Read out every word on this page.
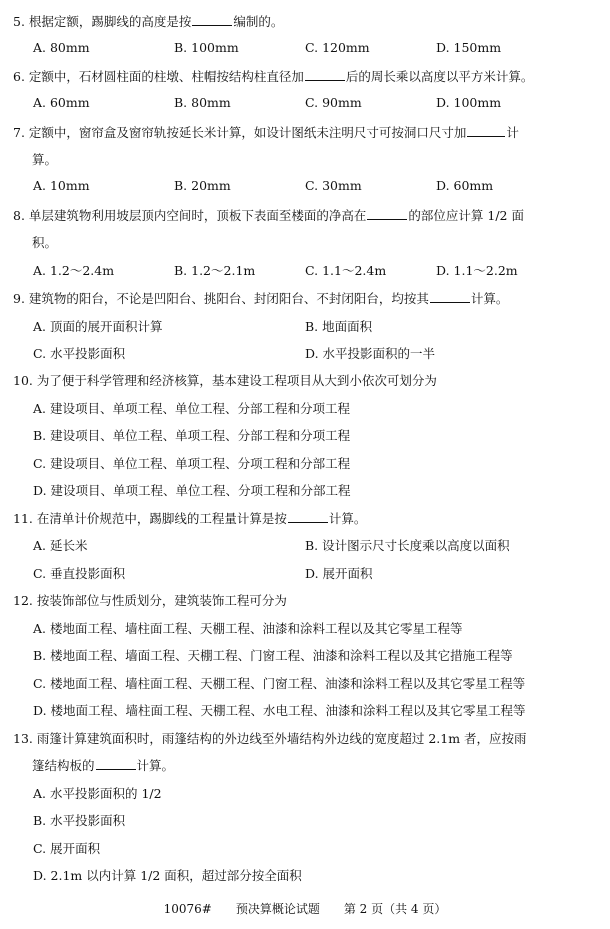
5. 根据定额，踢脚线的高度是按	编制的。
A. 80mm	B. 100mm	C. 120mm	D. 150mm
6. 定额中，石材圆柱面的柱墩、柱帽按结构柱直径加	后的周长乘以高度以平方米计算。
A. 60mm	B. 80mm	C. 90mm	D. 100mm
7. 定额中，窗帘盒及窗帘轨按延长米计算，如设计图纸未注明尺寸可按洞口尺寸加	计
算。
A. 10mm	B. 20mm	C. 30mm	D. 60mm
8. 单层建筑物利用坡层顶内空间时，顶板下表面至楼面的净高在	的部位应计算 1/2 面
积。
A. 1.2～2.4m	B. 1.2～2.1m	C. 1.1～2.4m	D. 1.1～2.2m
9. 建筑物的阳台，不论是凹阳台、挑阳台、封闭阳台、不封闭阳台，均按其	计算。
A. 顶面的展开面积计算	B. 地面面积
C. 水平投影面积	D. 水平投影面积的一半
10. 为了便于科学管理和经济核算，基本建设工程项目从大到小依次可划分为
A. 建设项目、单项工程、单位工程、分部工程和分项工程
B. 建设项目、单位工程、单项工程、分部工程和分项工程
C. 建设项目、单位工程、单项工程、分项工程和分部工程
D. 建设项目、单项工程、单位工程、分项工程和分部工程
11. 在清单计价规范中，踢脚线的工程量计算是按	计算。
A. 延长米	B. 设计图示尺寸长度乘以高度以面积
C. 垂直投影面积	D. 展开面积
12. 按装饰部位与性质划分，建筑装饰工程可分为
A. 楼地面工程、墙柱面工程、天棚工程、油漆和涂料工程以及其它零星工程等
B. 楼地面工程、墙面工程、天棚工程、门窗工程、油漆和涂料工程以及其它措施工程等
C. 楼地面工程、墙柱面工程、天棚工程、门窗工程、油漆和涂料工程以及其它零星工程等
D. 楼地面工程、墙柱面工程、天棚工程、水电工程、油漆和涂料工程以及其它零星工程等
13. 雨篷计算建筑面积时，雨篷结构的外边线至外墙结构外边线的宽度超过 2.1m 者，应按雨
篷结构板的	计算。
A. 水平投影面积的 1/2
B. 水平投影面积
C. 展开面积
D. 2.1m 以内计算 1/2 面积，超过部分按全面积
10076#　　预决算概论试题　　第 2 页（共 4 页）
